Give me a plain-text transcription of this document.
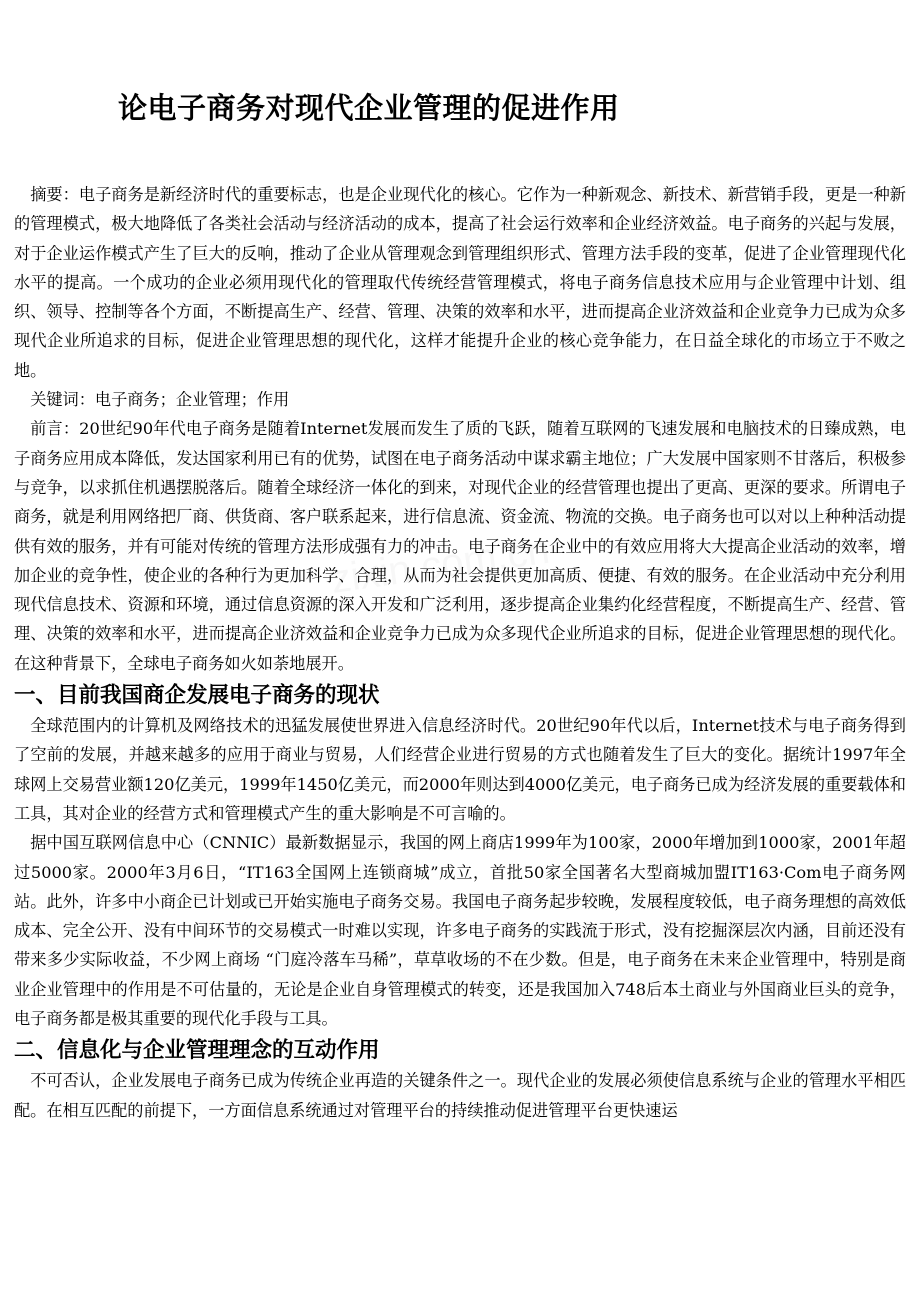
zixin.com.cn
论电子商务对现代企业管理的促进作用

摘要：电子商务是新经济时代的重要标志，也是企业现代化的核心。它作为一种新观念、新技术、新营销手段，更是一种新的管理模式，极大地降低了各类社会活动与经济活动的成本，提高了社会运行效率和企业经济效益。电子商务的兴起与发展，对于企业运作模式产生了巨大的反响，推动了企业从管理观念到管理组织形式、管理方法手段的变革，促进了企业管理现代化水平的提高。一个成功的企业必须用现代化的管理取代传统经营管理模式，将电子商务信息技术应用与企业管理中计划、组织、领导、控制等各个方面，不断提高生产、经营、管理、决策的效率和水平，进而提高企业济效益和企业竞争力已成为众多现代企业所追求的目标，促进企业管理思想的现代化，这样才能提升企业的核心竞争能力，在日益全球化的市场立于不败之地。

关键词：电子商务；企业管理；作用

前言：20世纪90年代电子商务是随着Internet发展而发生了质的飞跃，随着互联网的飞速发展和电脑技术的日臻成熟，电子商务应用成本降低，发达国家利用已有的优势，试图在电子商务活动中谋求霸主地位；广大发展中国家则不甘落后，积极参与竞争，以求抓住机遇摆脱落后。随着全球经济一体化的到来，对现代企业的经营管理也提出了更高、更深的要求。所谓电子商务，就是利用网络把厂商、供货商、客户联系起来，进行信息流、资金流、物流的交换。电子商务也可以对以上种种活动提供有效的服务，并有可能对传统的管理方法形成强有力的冲击。电子商务在企业中的有效应用将大大提高企业活动的效率，增加企业的竞争性，使企业的各种行为更加科学、合理，从而为社会提供更加高质、便捷、有效的服务。在企业活动中充分利用现代信息技术、资源和环境，通过信息资源的深入开发和广泛利用，逐步提高企业集约化经营程度，不断提高生产、经营、管理、决策的效率和水平，进而提高企业济效益和企业竞争力已成为众多现代企业所追求的目标，促进企业管理思想的现代化。在这种背景下，全球电子商务如火如荼地展开。

一、目前我国商企发展电子商务的现状

全球范围内的计算机及网络技术的迅猛发展使世界进入信息经济时代。20世纪90年代以后，Internet技术与电子商务得到了空前的发展，并越来越多的应用于商业与贸易，人们经营企业进行贸易的方式也随着发生了巨大的变化。据统计1997年全球网上交易营业额120亿美元，1999年1450亿美元，而2000年则达到4000亿美元，电子商务已成为经济发展的重要载体和工具，其对企业的经营方式和管理模式产生的重大影响是不可言喻的。

据中国互联网信息中心（CNNIC）最新数据显示，我国的网上商店1999年为100家，2000年增加到1000家，2001年超过5000家。2000年3月6日，“IT163全国网上连锁商城”成立，首批50家全国著名大型商城加盟IT163·Com电子商务网站。此外，许多中小商企已计划或已开始实施电子商务交易。我国电子商务起步较晚，发展程度较低，电子商务理想的高效低成本、完全公开、没有中间环节的交易模式一时难以实现，许多电子商务的实践流于形式，没有挖掘深层次内涵，目前还没有带来多少实际收益，不少网上商场 “门庭冷落车马稀”，草草收场的不在少数。但是，电子商务在未来企业管理中，特别是商业企业管理中的作用是不可估量的，无论是企业自身管理模式的转变，还是我国加入748后本土商业与外国商业巨头的竞争，电子商务都是极其重要的现代化手段与工具。

二、信息化与企业管理理念的互动作用

不可否认，企业发展电子商务已成为传统企业再造的关键条件之一。现代企业的发展必须使信息系统与企业的管理水平相匹配。在相互匹配的前提下，一方面信息系统通过对管理平台的持续推动促进管理平台更快速运
